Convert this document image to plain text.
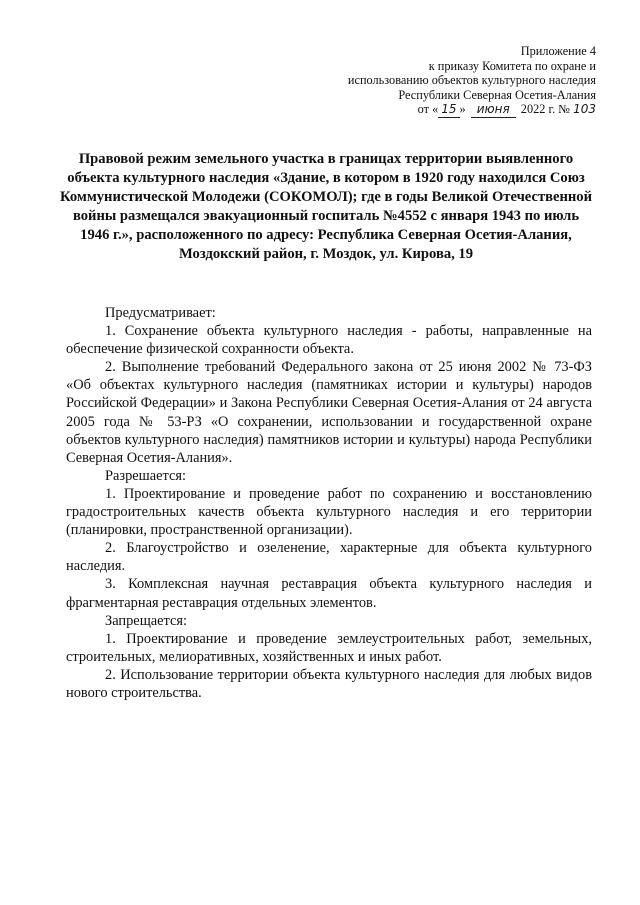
Приложение 4
к приказу Комитета по охране и
использованию объектов культурного наследия
Республики Северная Осетия-Алания
от « 15 » июня 2022 г. № 103
Правовой режим земельного участка в границах территории выявленного объекта культурного наследия «Здание, в котором в 1920 году находился Союз Коммунистической Молодежи (СОКОМОЛ); где в годы Великой Отечественной войны размещался эвакуационный госпиталь №4552 с января 1943 по июль 1946 г.», расположенного по адресу: Республика Северная Осетия-Алания, Моздокский район, г. Моздок, ул. Кирова, 19

Предусматривает:

1. Сохранение объекта культурного наследия - работы, направленные на обеспечение физической сохранности объекта.

2. Выполнение требований Федерального закона от 25 июня 2002 № 73-ФЗ «Об объектах культурного наследия (памятниках истории и культуры) народов Российской Федерации» и Закона Республики Северная Осетия-Алания от 24 августа 2005 года № 53-РЗ «О сохранении, использовании и государственной охране объектов культурного наследия) памятников истории и культуры) народа Республики Северная Осетия-Алания».

Разрешается:

1. Проектирование и проведение работ по сохранению и восстановлению градостроительных качеств объекта культурного наследия и его территории (планировки, пространственной организации).

2. Благоустройство и озеленение, характерные для объекта культурного наследия.

3. Комплексная научная реставрация объекта культурного наследия и фрагментарная реставрация отдельных элементов.

Запрещается:

1. Проектирование и проведение землеустроительных работ, земельных, строительных, мелиоративных, хозяйственных и иных работ.

2. Использование территории объекта культурного наследия для любых видов нового строительства.
